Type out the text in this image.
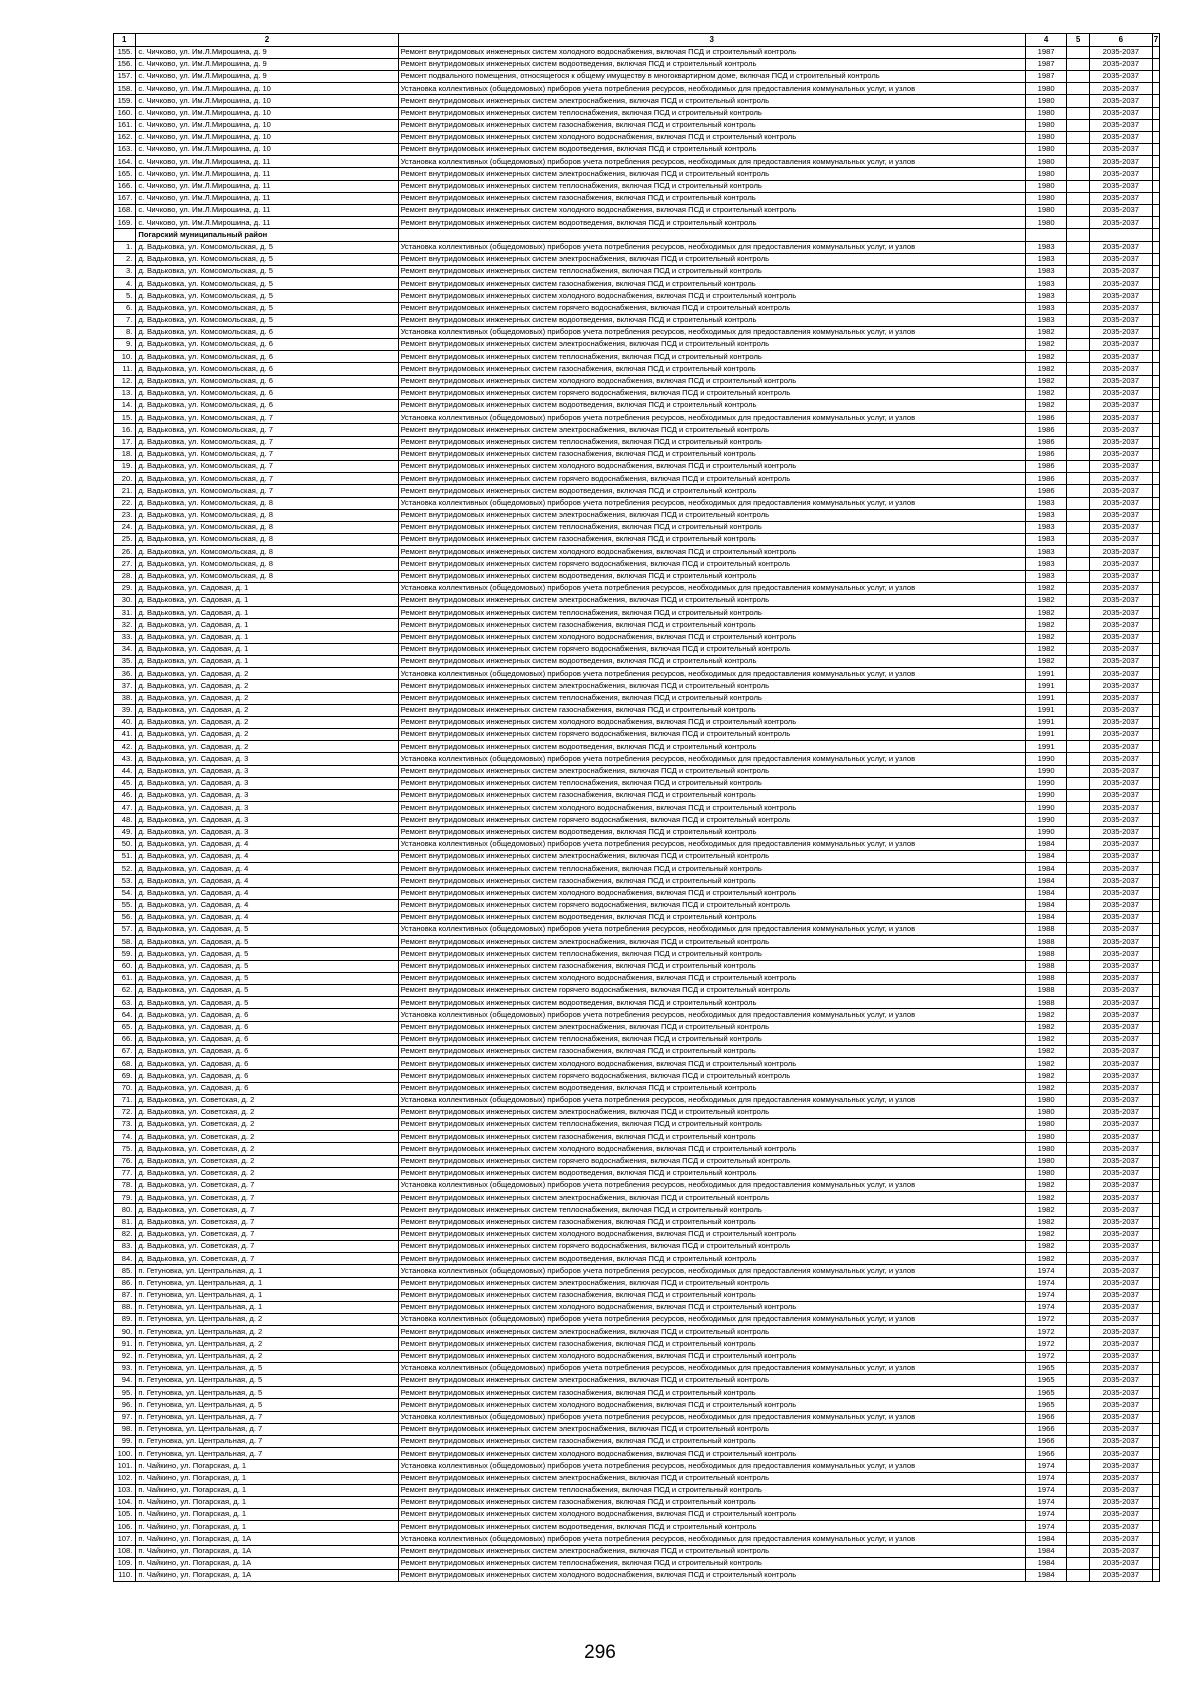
1	2	3	4	5	6	7
155.	с. Чичково, ул. Им.Л.Мирошина, д. 9	Ремонт внутридомовых инженерных систем холодного водоснабжения, включая ПСД и строительный контроль	1987		2035-2037	
156.	с. Чичково, ул. Им.Л.Мирошина, д. 9	Ремонт внутридомовых инженерных систем водоотведения, включая ПСД и строительный контроль	1987		2035-2037	
157.	с. Чичково, ул. Им.Л.Мирошина, д. 9	Ремонт подвального помещения, относящегося к общему имуществу в многоквартирном доме, включая ПСД и строительный контроль	1987		2035-2037	
158.	с. Чичково, ул. Им.Л.Мирошина, д. 10	Установка коллективных (общедомовых) приборов учета потребления ресурсов, необходимых для предоставления коммунальных услуг, и узлов	1980		2035-2037	
159.	с. Чичково, ул. Им.Л.Мирошина, д. 10	Ремонт внутридомовых инженерных систем электроснабжения, включая ПСД и строительный контроль	1980		2035-2037	
160.	с. Чичково, ул. Им.Л.Мирошина, д. 10	Ремонт внутридомовых инженерных систем теплоснабжения, включая ПСД и строительный контроль	1980		2035-2037	
161.	с. Чичково, ул. Им.Л.Мирошина, д. 10	Ремонт внутридомовых инженерных систем газоснабжения, включая ПСД и строительный контроль	1980		2035-2037	
162.	с. Чичково, ул. Им.Л.Мирошина, д. 10	Ремонт внутридомовых инженерных систем холодного водоснабжения, включая ПСД и строительный контроль	1980		2035-2037	
163.	с. Чичково, ул. Им.Л.Мирошина, д. 10	Ремонт внутридомовых инженерных систем водоотведения, включая ПСД и строительный контроль	1980		2035-2037	
164.	с. Чичково, ул. Им.Л.Мирошина, д. 11	Установка коллективных (общедомовых) приборов учета потребления ресурсов, необходимых для предоставления коммунальных услуг, и узлов	1980		2035-2037	
165.	с. Чичково, ул. Им.Л.Мирошина, д. 11	Ремонт внутридомовых инженерных систем электроснабжения, включая ПСД и строительный контроль	1980		2035-2037	
166.	с. Чичково, ул. Им.Л.Мирошина, д. 11	Ремонт внутридомовых инженерных систем теплоснабжения, включая ПСД и строительный контроль	1980		2035-2037	
167.	с. Чичково, ул. Им.Л.Мирошина, д. 11	Ремонт внутридомовых инженерных систем газоснабжения, включая ПСД и строительный контроль	1980		2035-2037	
168.	с. Чичково, ул. Им.Л.Мирошина, д. 11	Ремонт внутридомовых инженерных систем холодного водоснабжения, включая ПСД и строительный контроль	1980		2035-2037	
169.	с. Чичково, ул. Им.Л.Мирошина, д. 11	Ремонт внутридомовых инженерных систем водоотведения, включая ПСД и строительный контроль	1980		2035-2037	
	Погарский муниципальный район					
1.	д. Вадьковка, ул. Комсомольская, д. 5	Установка коллективных (общедомовых) приборов учета потребления ресурсов, необходимых для предоставления коммунальных услуг, и узлов	1983		2035-2037	
2.	д. Вадьковка, ул. Комсомольская, д. 5	Ремонт внутридомовых инженерных систем электроснабжения, включая ПСД и строительный контроль	1983		2035-2037	
3.	д. Вадьковка, ул. Комсомольская, д. 5	Ремонт внутридомовых инженерных систем теплоснабжения, включая ПСД и строительный контроль	1983		2035-2037	
4.	д. Вадьковка, ул. Комсомольская, д. 5	Ремонт внутридомовых инженерных систем газоснабжения, включая ПСД и строительный контроль	1983		2035-2037	
5.	д. Вадьковка, ул. Комсомольская, д. 5	Ремонт внутридомовых инженерных систем холодного водоснабжения, включая ПСД и строительный контроль	1983		2035-2037	
6.	д. Вадьковка, ул. Комсомольская, д. 5	Ремонт внутридомовых инженерных систем горячего водоснабжения, включая ПСД и строительный контроль	1983		2035-2037	
7.	д. Вадьковка, ул. Комсомольская, д. 5	Ремонт внутридомовых инженерных систем водоотведения, включая ПСД и строительный контроль	1983		2035-2037	
8.	д. Вадьковка, ул. Комсомольская, д. 6	Установка коллективных (общедомовых) приборов учета потребления ресурсов, необходимых для предоставления коммунальных услуг, и узлов	1982		2035-2037	
9.	д. Вадьковка, ул. Комсомольская, д. 6	Ремонт внутридомовых инженерных систем электроснабжения, включая ПСД и строительный контроль	1982		2035-2037	
10.	д. Вадьковка, ул. Комсомольская, д. 6	Ремонт внутридомовых инженерных систем теплоснабжения, включая ПСД и строительный контроль	1982		2035-2037	
11.	д. Вадьковка, ул. Комсомольская, д. 6	Ремонт внутридомовых инженерных систем газоснабжения, включая ПСД и строительный контроль	1982		2035-2037	
12.	д. Вадьковка, ул. Комсомольская, д. 6	Ремонт внутридомовых инженерных систем холодного водоснабжения, включая ПСД и строительный контроль	1982		2035-2037	
13.	д. Вадьковка, ул. Комсомольская, д. 6	Ремонт внутридомовых инженерных систем горячего водоснабжения, включая ПСД и строительный контроль	1982		2035-2037	
14.	д. Вадьковка, ул. Комсомольская, д. 6	Ремонт внутридомовых инженерных систем водоотведения, включая ПСД и строительный контроль	1982		2035-2037	
15.	д. Вадьковка, ул. Комсомольская, д. 7	Установка коллективных (общедомовых) приборов учета потребления ресурсов, необходимых для предоставления коммунальных услуг, и узлов	1986		2035-2037	
16.	д. Вадьковка, ул. Комсомольская, д. 7	Ремонт внутридомовых инженерных систем электроснабжения, включая ПСД и строительный контроль	1986		2035-2037	
17.	д. Вадьковка, ул. Комсомольская, д. 7	Ремонт внутридомовых инженерных систем теплоснабжения, включая ПСД и строительный контроль	1986		2035-2037	
18.	д. Вадьковка, ул. Комсомольская, д. 7	Ремонт внутридомовых инженерных систем газоснабжения, включая ПСД и строительный контроль	1986		2035-2037	
19.	д. Вадьковка, ул. Комсомольская, д. 7	Ремонт внутридомовых инженерных систем холодного водоснабжения, включая ПСД и строительный контроль	1986		2035-2037	
20.	д. Вадьковка, ул. Комсомольская, д. 7	Ремонт внутридомовых инженерных систем горячего водоснабжения, включая ПСД и строительный контроль	1986		2035-2037	
21.	д. Вадьковка, ул. Комсомольская, д. 7	Ремонт внутридомовых инженерных систем водоотведения, включая ПСД и строительный контроль	1986		2035-2037	
22.	д. Вадьковка, ул. Комсомольская, д. 8	Установка коллективных (общедомовых) приборов учета потребления ресурсов, необходимых для предоставления коммунальных услуг, и узлов	1983		2035-2037	
23.	д. Вадьковка, ул. Комсомольская, д. 8	Ремонт внутридомовых инженерных систем электроснабжения, включая ПСД и строительный контроль	1983		2035-2037	
24.	д. Вадьковка, ул. Комсомольская, д. 8	Ремонт внутридомовых инженерных систем теплоснабжения, включая ПСД и строительный контроль	1983		2035-2037	
25.	д. Вадьковка, ул. Комсомольская, д. 8	Ремонт внутридомовых инженерных систем газоснабжения, включая ПСД и строительный контроль	1983		2035-2037	
26.	д. Вадьковка, ул. Комсомольская, д. 8	Ремонт внутридомовых инженерных систем холодного водоснабжения, включая ПСД и строительный контроль	1983		2035-2037	
27.	д. Вадьковка, ул. Комсомольская, д. 8	Ремонт внутридомовых инженерных систем горячего водоснабжения, включая ПСД и строительный контроль	1983		2035-2037	
28.	д. Вадьковка, ул. Комсомольская, д. 8	Ремонт внутридомовых инженерных систем водоотведения, включая ПСД и строительный контроль	1983		2035-2037	
29.	д. Вадьковка, ул. Садовая, д. 1	Установка коллективных (общедомовых) приборов учета потребления ресурсов, необходимых для предоставления коммунальных услуг, и узлов	1982		2035-2037	
30.	д. Вадьковка, ул. Садовая, д. 1	Ремонт внутридомовых инженерных систем электроснабжения, включая ПСД и строительный контроль	1982		2035-2037	
31.	д. Вадьковка, ул. Садовая, д. 1	Ремонт внутридомовых инженерных систем теплоснабжения, включая ПСД и строительный контроль	1982		2035-2037	
32.	д. Вадьковка, ул. Садовая, д. 1	Ремонт внутридомовых инженерных систем газоснабжения, включая ПСД и строительный контроль	1982		2035-2037	
33.	д. Вадьковка, ул. Садовая, д. 1	Ремонт внутридомовых инженерных систем холодного водоснабжения, включая ПСД и строительный контроль	1982		2035-2037	
34.	д. Вадьковка, ул. Садовая, д. 1	Ремонт внутридомовых инженерных систем горячего водоснабжения, включая ПСД и строительный контроль	1982		2035-2037	
35.	д. Вадьковка, ул. Садовая, д. 1	Ремонт внутридомовых инженерных систем водоотведения, включая ПСД и строительный контроль	1982		2035-2037	
36.	д. Вадьковка, ул. Садовая, д. 2	Установка коллективных (общедомовых) приборов учета потребления ресурсов, необходимых для предоставления коммунальных услуг, и узлов	1991		2035-2037	
37.	д. Вадьковка, ул. Садовая, д. 2	Ремонт внутридомовых инженерных систем электроснабжения, включая ПСД и строительный контроль	1991		2035-2037	
38.	д. Вадьковка, ул. Садовая, д. 2	Ремонт внутридомовых инженерных систем теплоснабжения, включая ПСД и строительный контроль	1991		2035-2037	
39.	д. Вадьковка, ул. Садовая, д. 2	Ремонт внутридомовых инженерных систем газоснабжения, включая ПСД и строительный контроль	1991		2035-2037	
40.	д. Вадьковка, ул. Садовая, д. 2	Ремонт внутридомовых инженерных систем холодного водоснабжения, включая ПСД и строительный контроль	1991		2035-2037	
41.	д. Вадьковка, ул. Садовая, д. 2	Ремонт внутридомовых инженерных систем горячего водоснабжения, включая ПСД и строительный контроль	1991		2035-2037	
42.	д. Вадьковка, ул. Садовая, д. 2	Ремонт внутридомовых инженерных систем водоотведения, включая ПСД и строительный контроль	1991		2035-2037	
43.	д. Вадьковка, ул. Садовая, д. 3	Установка коллективных (общедомовых) приборов учета потребления ресурсов, необходимых для предоставления коммунальных услуг, и узлов	1990		2035-2037	
44.	д. Вадьковка, ул. Садовая, д. 3	Ремонт внутридомовых инженерных систем электроснабжения, включая ПСД и строительный контроль	1990		2035-2037	
45.	д. Вадьковка, ул. Садовая, д. 3	Ремонт внутридомовых инженерных систем теплоснабжения, включая ПСД и строительный контроль	1990		2035-2037	
46.	д. Вадьковка, ул. Садовая, д. 3	Ремонт внутридомовых инженерных систем газоснабжения, включая ПСД и строительный контроль	1990		2035-2037	
47.	д. Вадьковка, ул. Садовая, д. 3	Ремонт внутридомовых инженерных систем холодного водоснабжения, включая ПСД и строительный контроль	1990		2035-2037	
48.	д. Вадьковка, ул. Садовая, д. 3	Ремонт внутридомовых инженерных систем горячего водоснабжения, включая ПСД и строительный контроль	1990		2035-2037	
49.	д. Вадьковка, ул. Садовая, д. 3	Ремонт внутридомовых инженерных систем водоотведения, включая ПСД и строительный контроль	1990		2035-2037	
50.	д. Вадьковка, ул. Садовая, д. 4	Установка коллективных (общедомовых) приборов учета потребления ресурсов, необходимых для предоставления коммунальных услуг, и узлов	1984		2035-2037	
51.	д. Вадьковка, ул. Садовая, д. 4	Ремонт внутридомовых инженерных систем электроснабжения, включая ПСД и строительный контроль	1984		2035-2037	
52.	д. Вадьковка, ул. Садовая, д. 4	Ремонт внутридомовых инженерных систем теплоснабжения, включая ПСД и строительный контроль	1984		2035-2037	
53.	д. Вадьковка, ул. Садовая, д. 4	Ремонт внутридомовых инженерных систем газоснабжения, включая ПСД и строительный контроль	1984		2035-2037	
54.	д. Вадьковка, ул. Садовая, д. 4	Ремонт внутридомовых инженерных систем холодного водоснабжения, включая ПСД и строительный контроль	1984		2035-2037	
55.	д. Вадьковка, ул. Садовая, д. 4	Ремонт внутридомовых инженерных систем горячего водоснабжения, включая ПСД и строительный контроль	1984		2035-2037	
56.	д. Вадьковка, ул. Садовая, д. 4	Ремонт внутридомовых инженерных систем водоотведения, включая ПСД и строительный контроль	1984		2035-2037	
57.	д. Вадьковка, ул. Садовая, д. 5	Установка коллективных (общедомовых) приборов учета потребления ресурсов, необходимых для предоставления коммунальных услуг, и узлов	1988		2035-2037	
58.	д. Вадьковка, ул. Садовая, д. 5	Ремонт внутридомовых инженерных систем электроснабжения, включая ПСД и строительный контроль	1988		2035-2037	
59.	д. Вадьковка, ул. Садовая, д. 5	Ремонт внутридомовых инженерных систем теплоснабжения, включая ПСД и строительный контроль	1988		2035-2037	
60.	д. Вадьковка, ул. Садовая, д. 5	Ремонт внутридомовых инженерных систем газоснабжения, включая ПСД и строительный контроль	1988		2035-2037	
61.	д. Вадьковка, ул. Садовая, д. 5	Ремонт внутридомовых инженерных систем холодного водоснабжения, включая ПСД и строительный контроль	1988		2035-2037	
62.	д. Вадьковка, ул. Садовая, д. 5	Ремонт внутридомовых инженерных систем горячего водоснабжения, включая ПСД и строительный контроль	1988		2035-2037	
63.	д. Вадьковка, ул. Садовая, д. 5	Ремонт внутридомовых инженерных систем водоотведения, включая ПСД и строительный контроль	1988		2035-2037	
64.	д. Вадьковка, ул. Садовая, д. 6	Установка коллективных (общедомовых) приборов учета потребления ресурсов, необходимых для предоставления коммунальных услуг, и узлов	1982		2035-2037	
65.	д. Вадьковка, ул. Садовая, д. 6	Ремонт внутридомовых инженерных систем электроснабжения, включая ПСД и строительный контроль	1982		2035-2037	
66.	д. Вадьковка, ул. Садовая, д. 6	Ремонт внутридомовых инженерных систем теплоснабжения, включая ПСД и строительный контроль	1982		2035-2037	
67.	д. Вадьковка, ул. Садовая, д. 6	Ремонт внутридомовых инженерных систем газоснабжения, включая ПСД и строительный контроль	1982		2035-2037	
68.	д. Вадьковка, ул. Садовая, д. 6	Ремонт внутридомовых инженерных систем холодного водоснабжения, включая ПСД и строительный контроль	1982		2035-2037	
69.	д. Вадьковка, ул. Садовая, д. 6	Ремонт внутридомовых инженерных систем горячего водоснабжения, включая ПСД и строительный контроль	1982		2035-2037	
70.	д. Вадьковка, ул. Садовая, д. 6	Ремонт внутридомовых инженерных систем водоотведения, включая ПСД и строительный контроль	1982		2035-2037	
71.	д. Вадьковка, ул. Советская, д. 2	Установка коллективных (общедомовых) приборов учета потребления ресурсов, необходимых для предоставления коммунальных услуг, и узлов	1980		2035-2037	
72.	д. Вадьковка, ул. Советская, д. 2	Ремонт внутридомовых инженерных систем электроснабжения, включая ПСД и строительный контроль	1980		2035-2037	
73.	д. Вадьковка, ул. Советская, д. 2	Ремонт внутридомовых инженерных систем теплоснабжения, включая ПСД и строительный контроль	1980		2035-2037	
74.	д. Вадьковка, ул. Советская, д. 2	Ремонт внутридомовых инженерных систем газоснабжения, включая ПСД и строительный контроль	1980		2035-2037	
75.	д. Вадьковка, ул. Советская, д. 2	Ремонт внутридомовых инженерных систем холодного водоснабжения, включая ПСД и строительный контроль	1980		2035-2037	
76.	д. Вадьковка, ул. Советская, д. 2	Ремонт внутридомовых инженерных систем горячего водоснабжения, включая ПСД и строительный контроль	1980		2035-2037	
77.	д. Вадьковка, ул. Советская, д. 2	Ремонт внутридомовых инженерных систем водоотведения, включая ПСД и строительный контроль	1980		2035-2037	
78.	д. Вадьковка, ул. Советская, д. 7	Установка коллективных (общедомовых) приборов учета потребления ресурсов, необходимых для предоставления коммунальных услуг, и узлов	1982		2035-2037	
79.	д. Вадьковка, ул. Советская, д. 7	Ремонт внутридомовых инженерных систем электроснабжения, включая ПСД и строительный контроль	1982		2035-2037	
80.	д. Вадьковка, ул. Советская, д. 7	Ремонт внутридомовых инженерных систем теплоснабжения, включая ПСД и строительный контроль	1982		2035-2037	
81.	д. Вадьковка, ул. Советская, д. 7	Ремонт внутридомовых инженерных систем газоснабжения, включая ПСД и строительный контроль	1982		2035-2037	
82.	д. Вадьковка, ул. Советская, д. 7	Ремонт внутридомовых инженерных систем холодного водоснабжения, включая ПСД и строительный контроль	1982		2035-2037	
83.	д. Вадьковка, ул. Советская, д. 7	Ремонт внутридомовых инженерных систем горячего водоснабжения, включая ПСД и строительный контроль	1982		2035-2037	
84.	д. Вадьковка, ул. Советская, д. 7	Ремонт внутридомовых инженерных систем водоотведения, включая ПСД и строительный контроль	1982		2035-2037	
85.	п. Гетуновка, ул. Центральная, д. 1	Установка коллективных (общедомовых) приборов учета потребления ресурсов, необходимых для предоставления коммунальных услуг, и узлов	1974		2035-2037	
86.	п. Гетуновка, ул. Центральная, д. 1	Ремонт внутридомовых инженерных систем электроснабжения, включая ПСД и строительный контроль	1974		2035-2037	
87.	п. Гетуновка, ул. Центральная, д. 1	Ремонт внутридомовых инженерных систем газоснабжения, включая ПСД и строительный контроль	1974		2035-2037	
88.	п. Гетуновка, ул. Центральная, д. 1	Ремонт внутридомовых инженерных систем холодного водоснабжения, включая ПСД и строительный контроль	1974		2035-2037	
89.	п. Гетуновка, ул. Центральная, д. 2	Установка коллективных (общедомовых) приборов учета потребления ресурсов, необходимых для предоставления коммунальных услуг, и узлов	1972		2035-2037	
90.	п. Гетуновка, ул. Центральная, д. 2	Ремонт внутридомовых инженерных систем электроснабжения, включая ПСД и строительный контроль	1972		2035-2037	
91.	п. Гетуновка, ул. Центральная, д. 2	Ремонт внутридомовых инженерных систем газоснабжения, включая ПСД и строительный контроль	1972		2035-2037	
92.	п. Гетуновка, ул. Центральная, д. 2	Ремонт внутридомовых инженерных систем холодного водоснабжения, включая ПСД и строительный контроль	1972		2035-2037	
93.	п. Гетуновка, ул. Центральная, д. 5	Установка коллективных (общедомовых) приборов учета потребления ресурсов, необходимых для предоставления коммунальных услуг, и узлов	1965		2035-2037	
94.	п. Гетуновка, ул. Центральная, д. 5	Ремонт внутридомовых инженерных систем электроснабжения, включая ПСД и строительный контроль	1965		2035-2037	
95.	п. Гетуновка, ул. Центральная, д. 5	Ремонт внутридомовых инженерных систем газоснабжения, включая ПСД и строительный контроль	1965		2035-2037	
96.	п. Гетуновка, ул. Центральная, д. 5	Ремонт внутридомовых инженерных систем холодного водоснабжения, включая ПСД и строительный контроль	1965		2035-2037	
97.	п. Гетуновка, ул. Центральная, д. 7	Установка коллективных (общедомовых) приборов учета потребления ресурсов, необходимых для предоставления коммунальных услуг, и узлов	1966		2035-2037	
98.	п. Гетуновка, ул. Центральная, д. 7	Ремонт внутридомовых инженерных систем электроснабжения, включая ПСД и строительный контроль	1966		2035-2037	
99.	п. Гетуновка, ул. Центральная, д. 7	Ремонт внутридомовых инженерных систем газоснабжения, включая ПСД и строительный контроль	1966		2035-2037	
100.	п. Гетуновка, ул. Центральная, д. 7	Ремонт внутридомовых инженерных систем холодного водоснабжения, включая ПСД и строительный контроль	1966		2035-2037	
101.	п. Чайкино, ул. Погарская, д. 1	Установка коллективных (общедомовых) приборов учета потребления ресурсов, необходимых для предоставления коммунальных услуг, и узлов	1974		2035-2037	
102.	п. Чайкино, ул. Погарская, д. 1	Ремонт внутридомовых инженерных систем электроснабжения, включая ПСД и строительный контроль	1974		2035-2037	
103.	п. Чайкино, ул. Погарская, д. 1	Ремонт внутридомовых инженерных систем теплоснабжения, включая ПСД и строительный контроль	1974		2035-2037	
104.	п. Чайкино, ул. Погарская, д. 1	Ремонт внутридомовых инженерных систем газоснабжения, включая ПСД и строительный контроль	1974		2035-2037	
105.	п. Чайкино, ул. Погарская, д. 1	Ремонт внутридомовых инженерных систем холодного водоснабжения, включая ПСД и строительный контроль	1974		2035-2037	
106.	п. Чайкино, ул. Погарская, д. 1	Ремонт внутридомовых инженерных систем водоотведения, включая ПСД и строительный контроль	1974		2035-2037	
107.	п. Чайкино, ул. Погарская, д. 1А	Установка коллективных (общедомовых) приборов учета потребления ресурсов, необходимых для предоставления коммунальных услуг, и узлов	1984		2035-2037	
108.	п. Чайкино, ул. Погарская, д. 1А	Ремонт внутридомовых инженерных систем электроснабжения, включая ПСД и строительный контроль	1984		2035-2037	
109.	п. Чайкино, ул. Погарская, д. 1А	Ремонт внутридомовых инженерных систем теплоснабжения, включая ПСД и строительный контроль	1984		2035-2037	
110.	п. Чайкино, ул. Погарская, д. 1А	Ремонт внутридомовых инженерных систем холодного водоснабжения, включая ПСД и строительный контроль	1984		2035-2037	
296
